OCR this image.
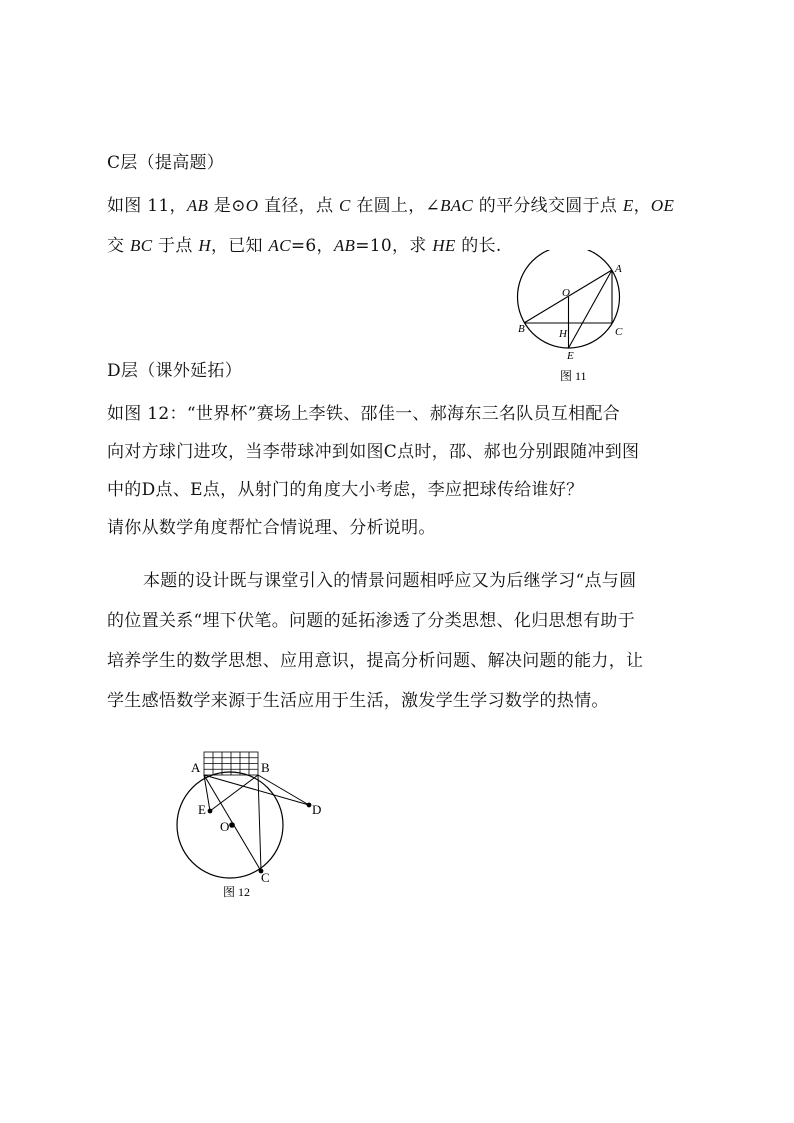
C层（提高题）
如图 11，AB 是⊙O 直径，点 C 在圆上，∠BAC 的平分线交圆于点 E，OE
交 BC 于点 H，已知 AC=6，AB=10，求 HE 的长.
A
O
B	H	C
E
图 11
D层（课外延拓）
如图 12：“世界杯”赛场上李铁、邵佳一、郝海东三名队员互相配合
向对方球门进攻，当李带球冲到如图C点时，邵、郝也分别跟随冲到图
中的D点、E点，从射门的角度大小考虑，李应把球传给谁好？
请你从数学角度帮忙合情说理、分析说明。
本题的设计既与课堂引入的情景问题相呼应又为后继学习“点与圆
的位置关系“埋下伏笔。问题的延拓渗透了分类思想、化归思想有助于
培养学生的数学思想、应用意识，提高分析问题、解决问题的能力，让
学生感悟数学来源于生活应用于生活，激发学生学习数学的热情。
A	B
E	D
O
C
图 12
